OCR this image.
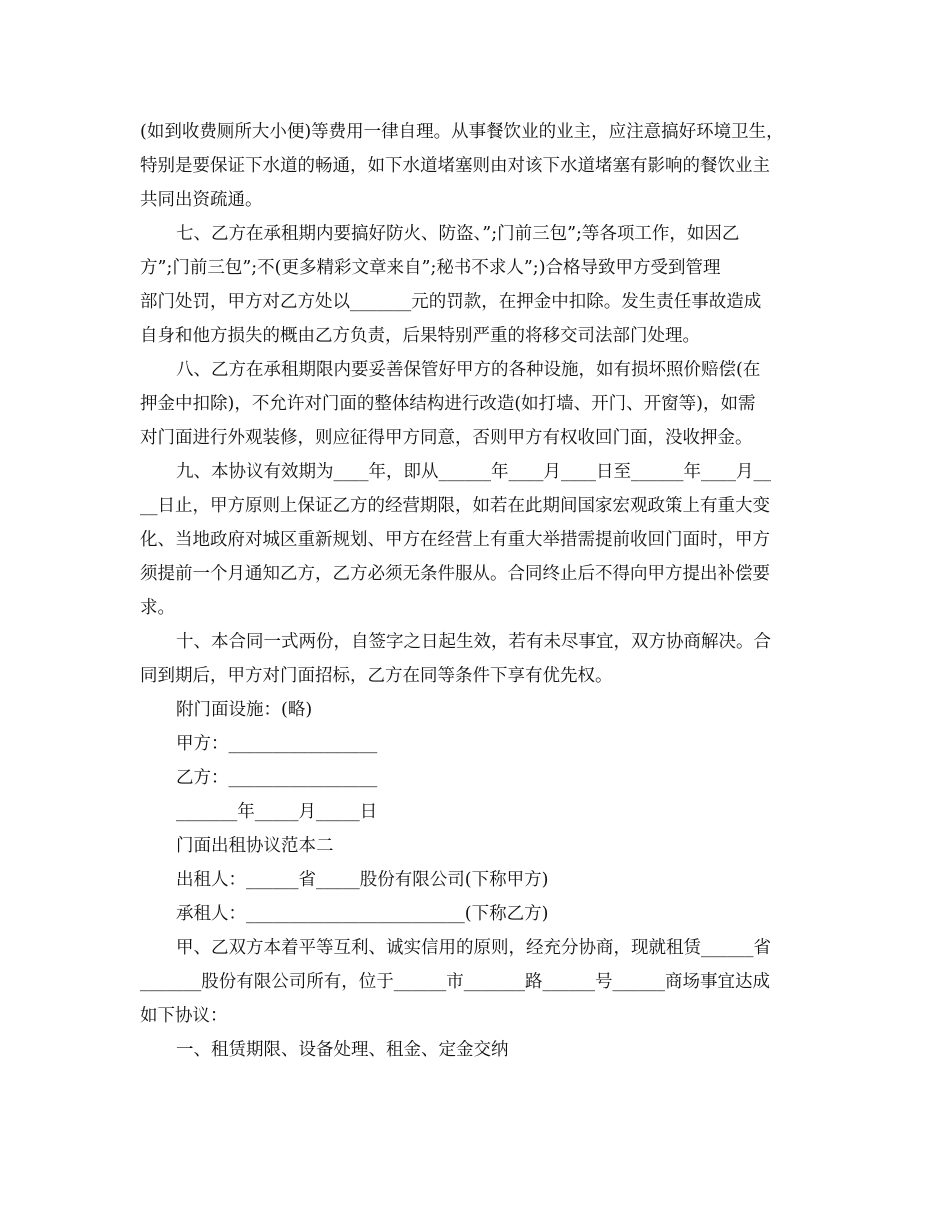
(如到收费厕所大小便)等费用一律自理。从事餐饮业的业主，应注意搞好环境卫生，
特别是要保证下水道的畅通，如下水道堵塞则由对该下水道堵塞有影响的餐饮业主
共同出资疏通。
七、乙方在承租期内要搞好防火、防盗、”;门前三包”;等各项工作，如因乙
方”;门前三包”;不(更多精彩文章来自”;秘书不求人”;)合格导致甲方受到管理
部门处罚，甲方对乙方处以_______元的罚款，在押金中扣除。发生责任事故造成
自身和他方损失的概由乙方负责，后果特别严重的将移交司法部门处理。
八、乙方在承租期限内要妥善保管好甲方的各种设施，如有损坏照价赔偿(在
押金中扣除)，不允许对门面的整体结构进行改造(如打墙、开门、开窗等)，如需
对门面进行外观装修，则应征得甲方同意，否则甲方有权收回门面，没收押金。
九、本协议有效期为____年，即从______年____月____日至______年____月__
__日止，甲方原则上保证乙方的经营期限，如若在此期间国家宏观政策上有重大变
化、当地政府对城区重新规划、甲方在经营上有重大举措需提前收回门面时，甲方
须提前一个月通知乙方，乙方必须无条件服从。合同终止后不得向甲方提出补偿要
求。
十、本合同一式两份，自签字之日起生效，若有未尽事宜，双方协商解决。合
同到期后，甲方对门面招标，乙方在同等条件下享有优先权。
附门面设施：(略)
甲方：_________________
乙方：_________________
_______年_____月_____日
门面出租协议范本二
出租人：______省_____股份有限公司(下称甲方)
承租人：_________________________(下称乙方)
甲、乙双方本着平等互利、诚实信用的原则，经充分协商，现就租赁______省
_______股份有限公司所有，位于______市_______路______号______商场事宜达成
如下协议：
一、租赁期限、设备处理、租金、定金交纳
